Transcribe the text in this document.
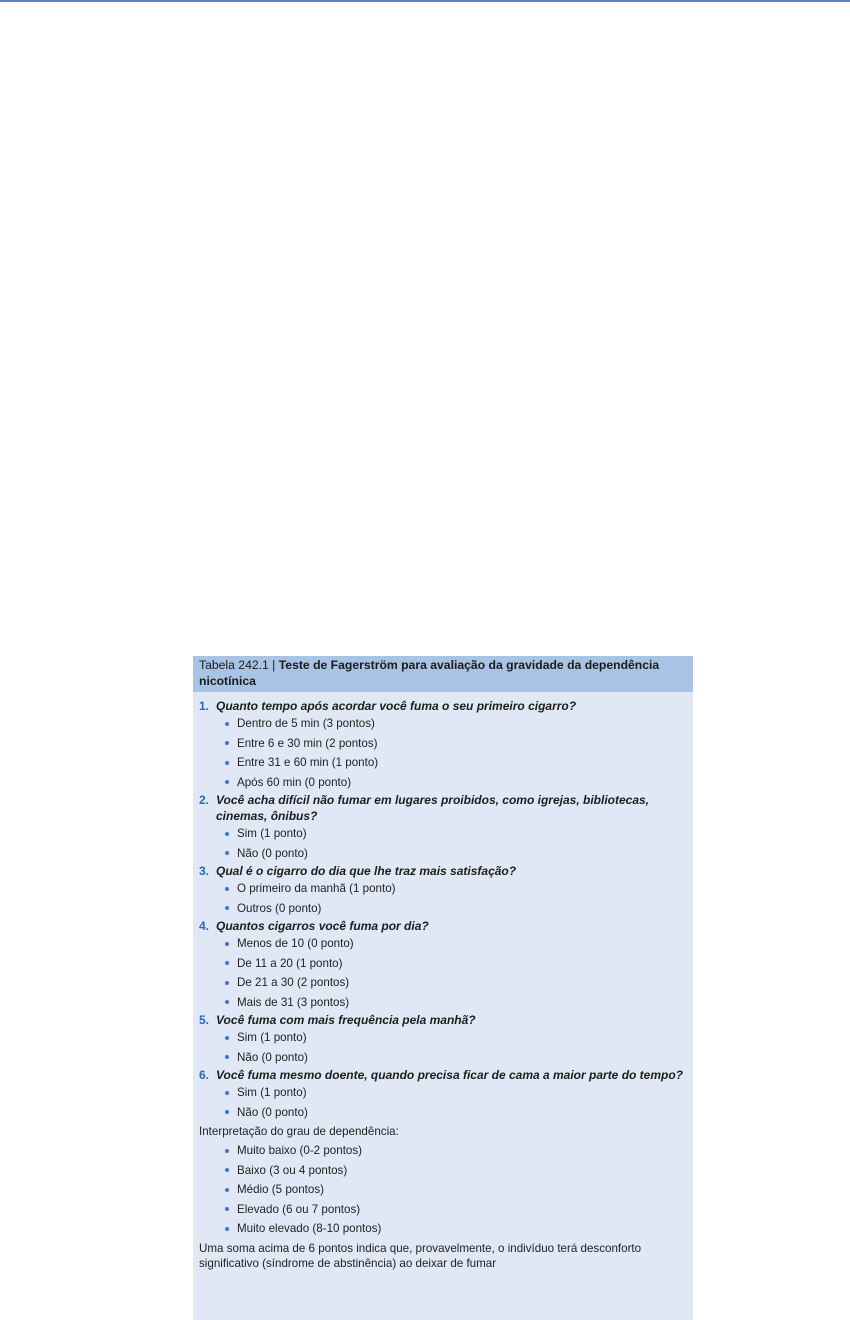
Tabela 242.1 | Teste de Fagerström para avaliação da gravidade da dependência nicotínica
1. Quanto tempo após acordar você fuma o seu primeiro cigarro?
Dentro de 5 min (3 pontos)
Entre 6 e 30 min (2 pontos)
Entre 31 e 60 min (1 ponto)
Após 60 min (0 ponto)
2. Você acha difícil não fumar em lugares proibidos, como igrejas, bibliotecas, cinemas, ônibus?
Sim (1 ponto)
Não (0 ponto)
3. Qual é o cigarro do dia que lhe traz mais satisfação?
O primeiro da manhã (1 ponto)
Outros (0 ponto)
4. Quantos cigarros você fuma por dia?
Menos de 10 (0 ponto)
De 11 a 20 (1 ponto)
De 21 a 30 (2 pontos)
Mais de 31 (3 pontos)
5. Você fuma com mais frequência pela manhã?
Sim (1 ponto)
Não (0 ponto)
6. Você fuma mesmo doente, quando precisa ficar de cama a maior parte do tempo?
Sim (1 ponto)
Não (0 ponto)
Interpretação do grau de dependência:
Muito baixo (0-2 pontos)
Baixo (3 ou 4 pontos)
Médio (5 pontos)
Elevado (6 ou 7 pontos)
Muito elevado (8-10 pontos)
Uma soma acima de 6 pontos indica que, provavelmente, o indivíduo terá desconforto significativo (síndrome de abstinência) ao deixar de fumar
